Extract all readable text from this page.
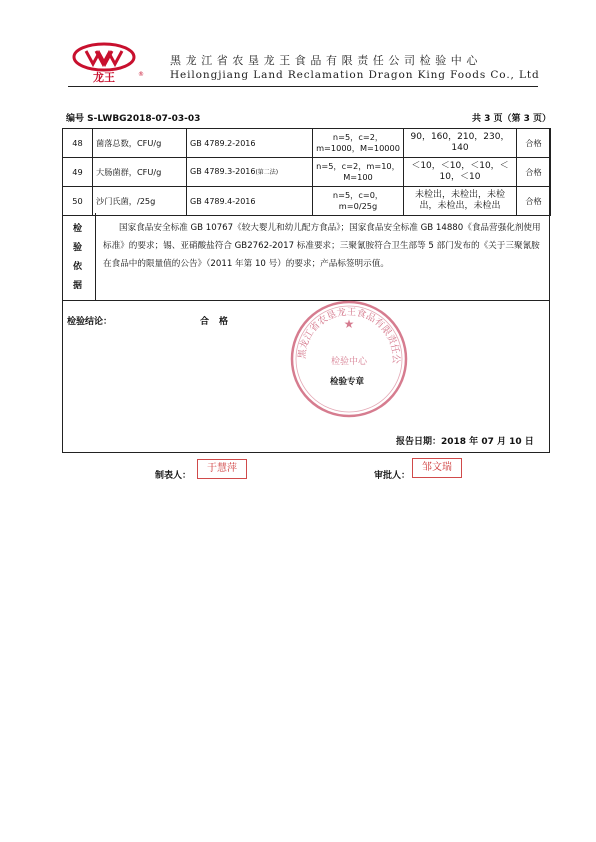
龙王	®
黑龙江省农垦龙王食品有限责任公司检验中心
Heilongjiang Land Reclamation Dragon King Foods Co., Ltd
编号 S-LWBG2018-07-03-03	共 3 页（第 3 页）
48	菌落总数，CFU/g	GB 4789.2-2016	n=5，c=2，m=1000，M=10000	90，160，210，230，140	合格
49	大肠菌群，CFU/g	GB 4789.3-2016(第二法)	n=5，c=2，m=10，M=100	＜10，＜10，＜10，＜10，＜10	合格
50	沙门氏菌，/25g	GB 4789.4-2016	n=5，c=0，m=0/25g	未检出，未检出，未检出，未检出，未检出	合格
检
验
依
据
国家食品安全标准 GB 10767《较大婴儿和幼儿配方食品》；国家食品安全标准 GB 14880《食品营强化剂使用标准》的要求；锡、亚硝酸盐符合 GB2762-2017 标准要求；三聚氰胺符合卫生部等 5 部门发布的《关于三聚氰胺在食品中的限量值的公告》（2011 年第 10 号）的要求；产品标签明示值。
检验结论：	合格
黑龙江省农垦龙王食品有限责任公
检验中心
★
检验专章
报告日期：2018 年 07 月 10 日
制表人：
于慧萍
审批人：
邹文瑞
